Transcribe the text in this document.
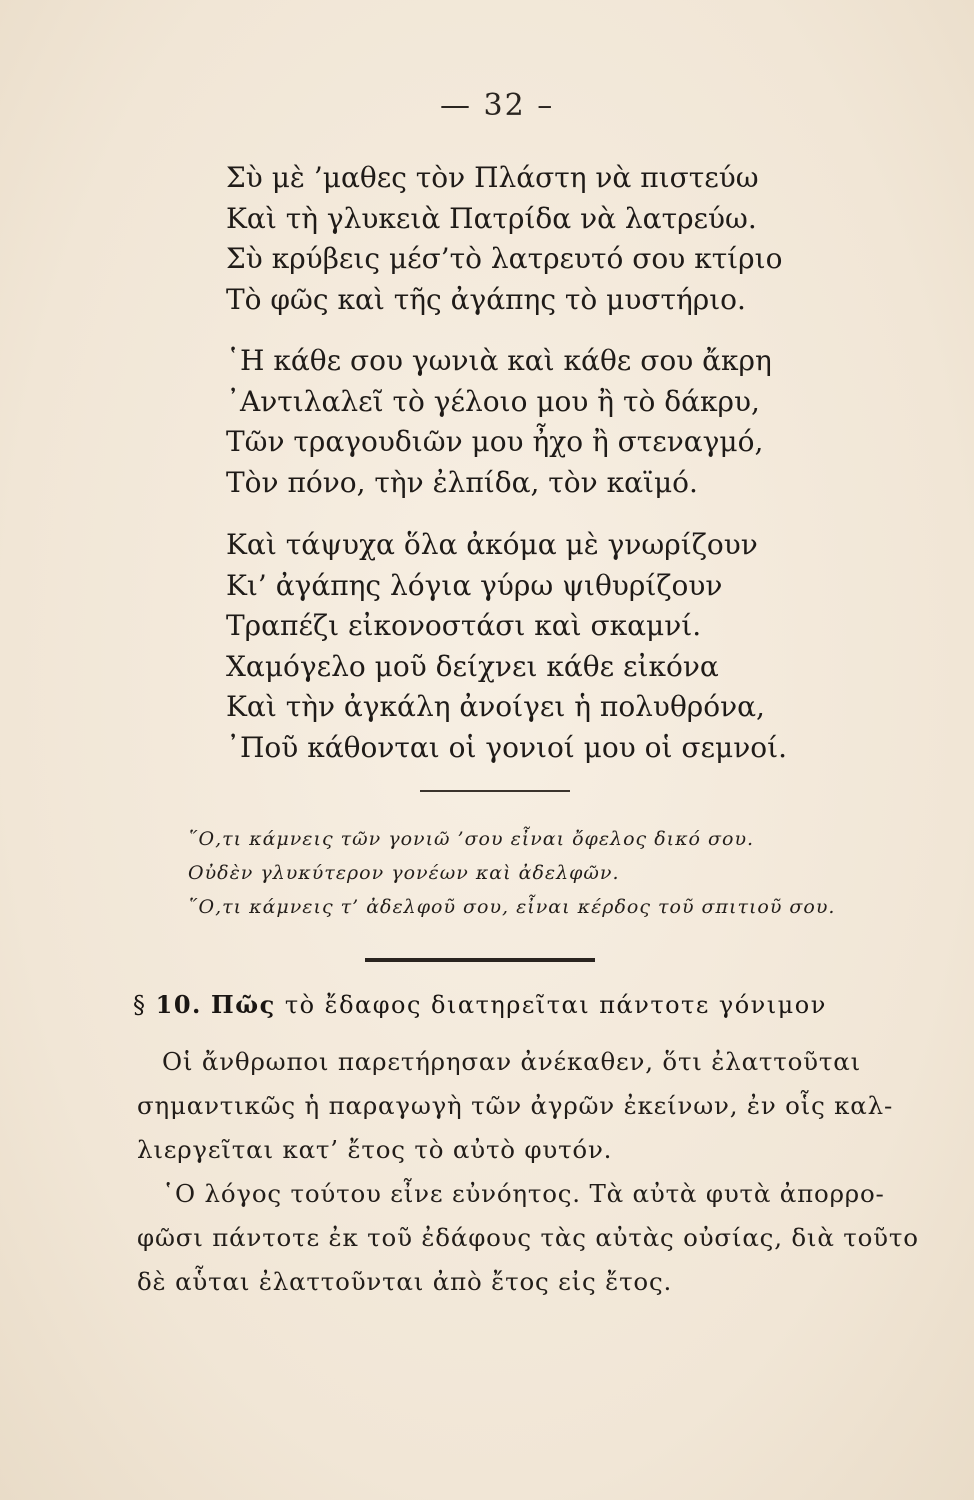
— 32 –
Σὺ μὲ ’μαθες τὸν Πλάστη νὰ πιστεύω
Καὶ τὴ γλυκειὰ Πατρίδα νὰ λατρεύω.
Σὺ κρύβεις μέσ’τὸ λατρευτό σου κτίριο
Τὸ φῶς καὶ τῆς ἀγάπης τὸ μυστήριο.
῾Η κάθε σου γωνιὰ καὶ κάθε σου ἄκρη
᾿Αντιλαλεῖ τὸ γέλοιο μου ἢ τὸ δάκρυ,
Τῶν τραγουδιῶν μου ἦχο ἢ στεναγμό,
Τὸν πόνο, τὴν ἐλπίδα, τὸν καϊμό.
Καὶ τάψυχα ὅλα ἀκόμα μὲ γνωρίζουν
Κι’ ἀγάπης λόγια γύρω ψιθυρίζουν
Τραπέζι εἰκονοστάσι καὶ σκαμνί.
Χαμόγελο μοῦ δείχνει κάθε εἰκόνα
Καὶ τὴν ἀγκάλη ἀνοίγει ἡ πολυθρόνα,
᾿Ποῦ κάθονται οἱ γονιοί μου οἱ σεμνοί.
῞Ο,τι κάμνεις τῶν γονιῶ ’σου εἶναι ὄφελος δικό σου.
Οὐδὲν γλυκύτερον γονέων καὶ ἀδελφῶν.
῞Ο,τι κάμνεις τ’ ἀδελφοῦ σου, εἶναι κέρδος τοῦ σπιτιοῦ σου.
§ 10. Πῶς τὸ ἔδαφος διατηρεῖται πάντοτε γόνιμον

Οἱ ἄνθρωποι παρετήρησαν ἀνέκαθεν, ὅτι ἐλαττοῦται

σημαντικῶς ἡ παραγωγὴ τῶν ἀγρῶν ἐκείνων, ἐν οἷς καλ-

λιεργεῖται κατ’ ἔτος τὸ αὐτὸ φυτόν.

῾Ο λόγος τούτου εἶνε εὐνόητος. Τὰ αὐτὰ φυτὰ ἀπορρο-

φῶσι πάντοτε ἐκ τοῦ ἐδάφους τὰς αὐτὰς οὐσίας, διὰ τοῦτο

δὲ αὗται ἐλαττοῦνται ἀπὸ ἔτος εἰς ἔτος.
